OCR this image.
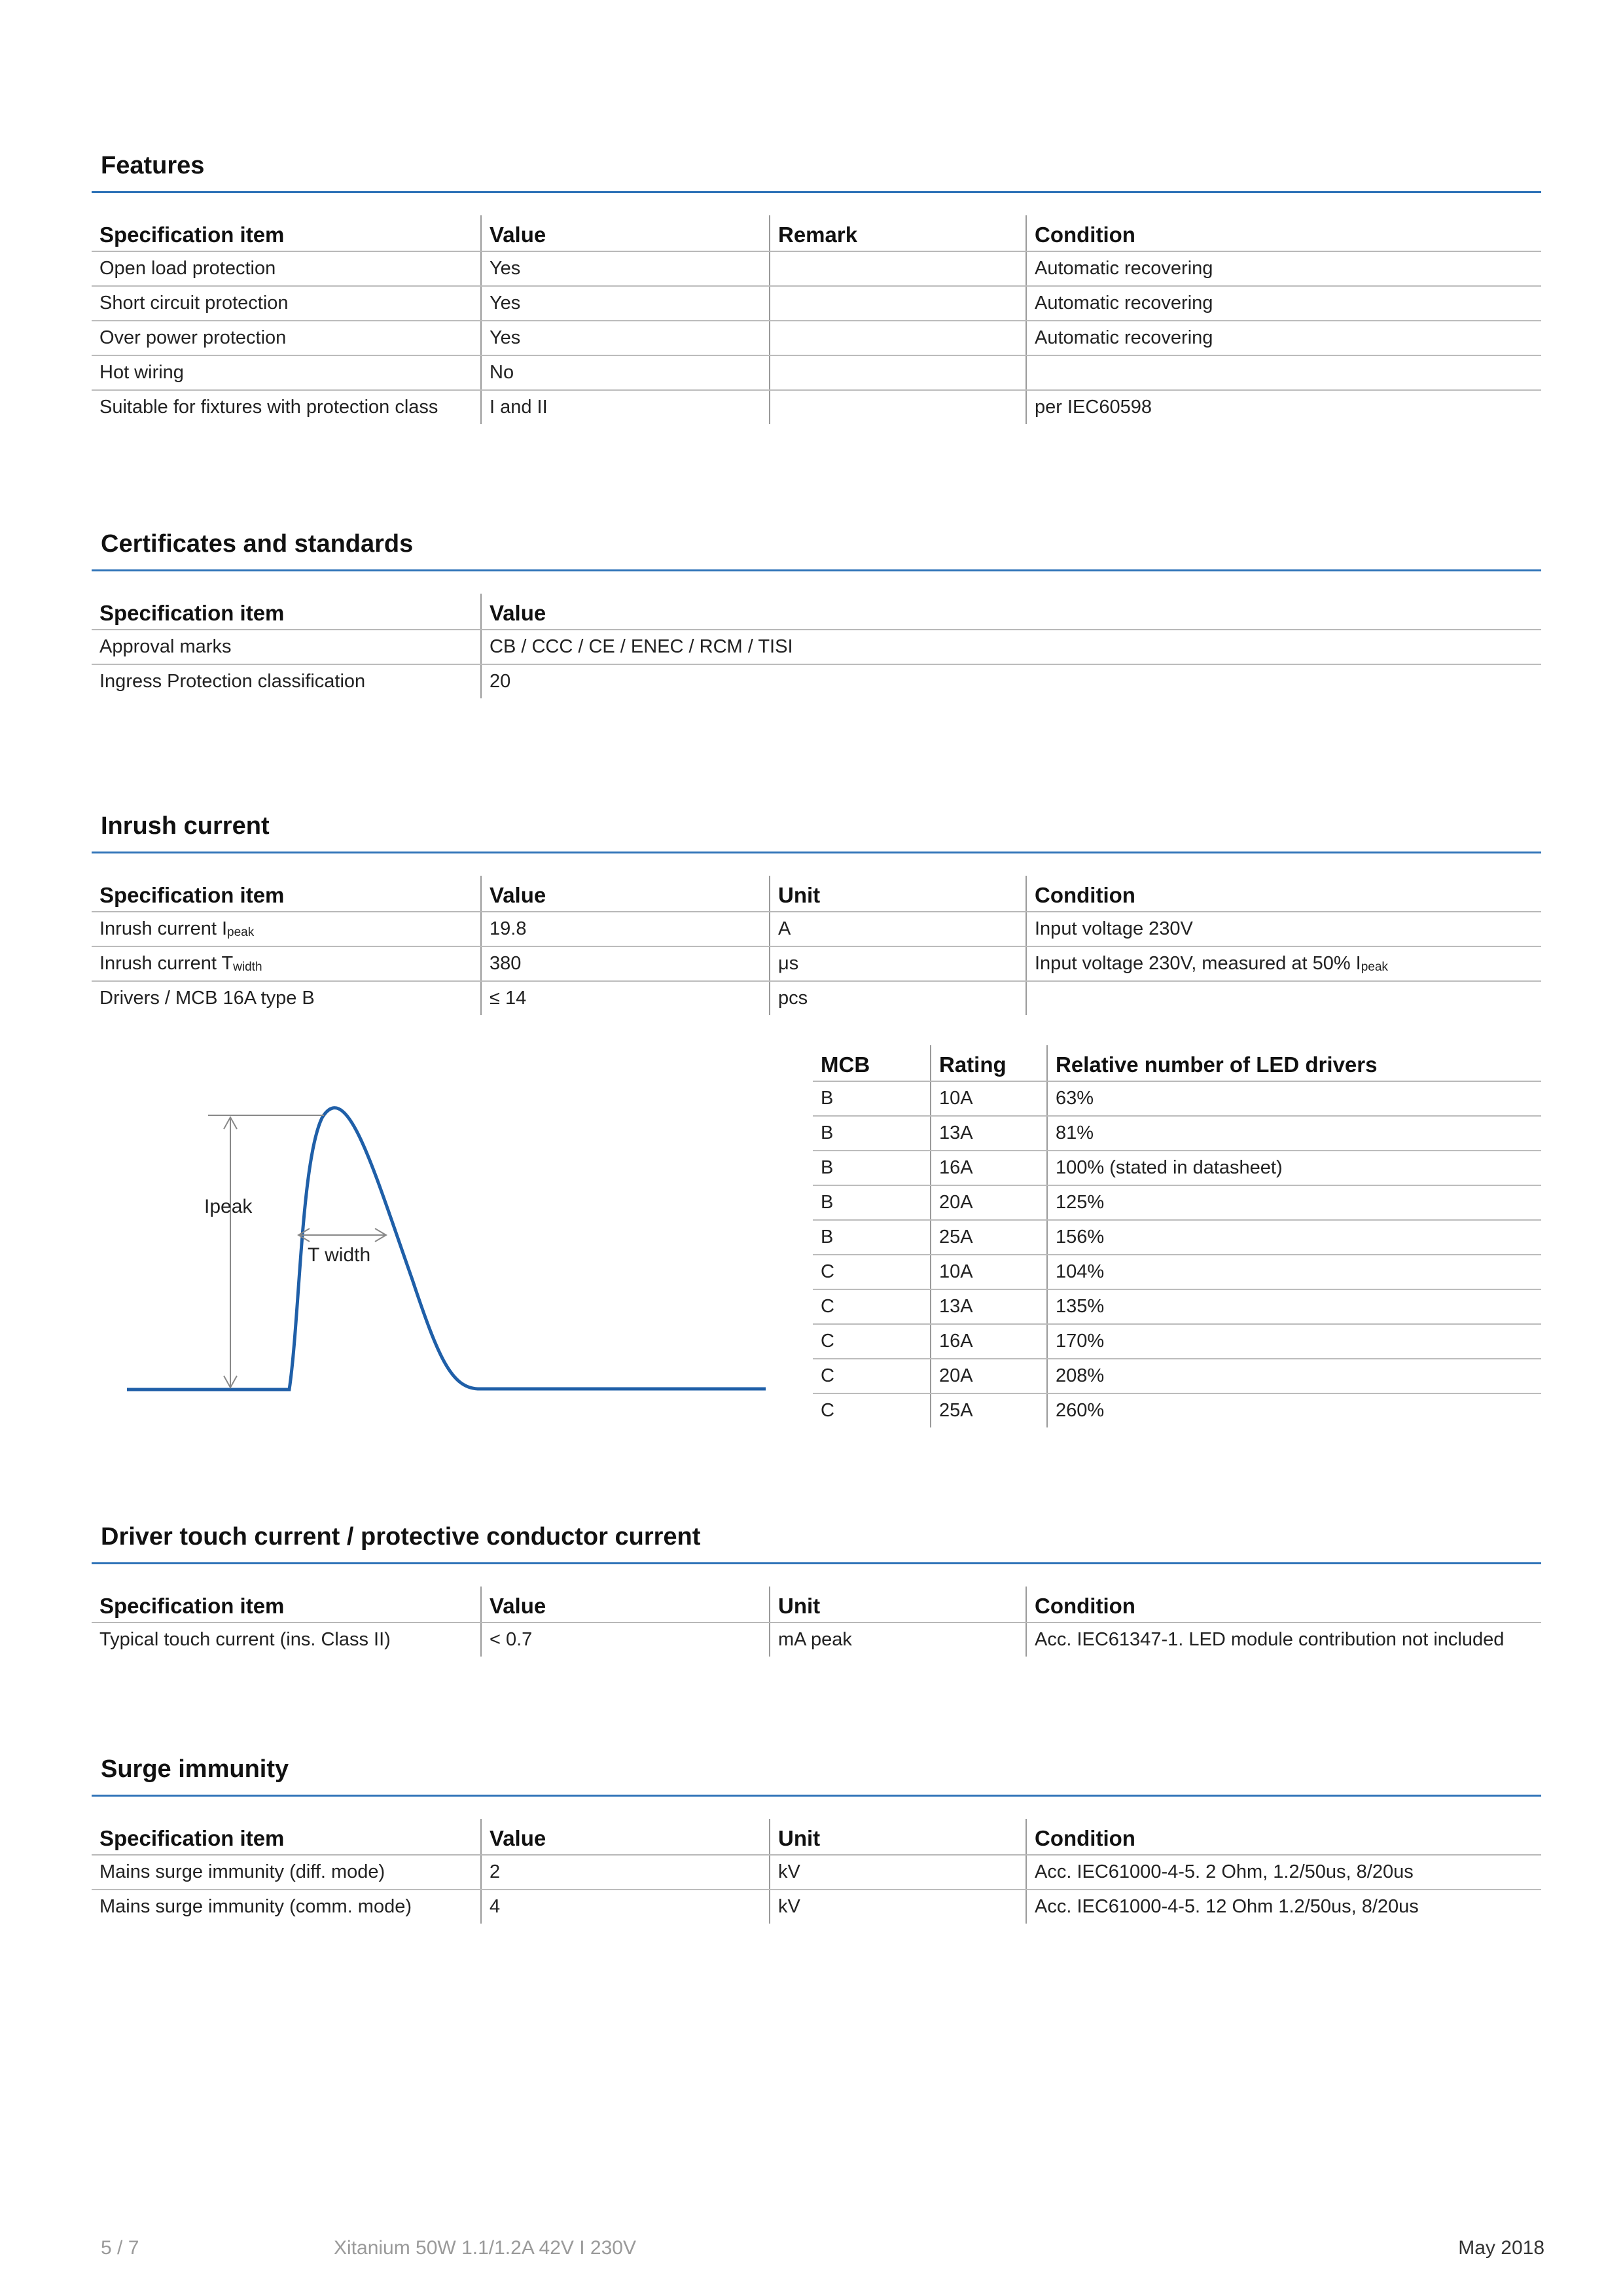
Features
Specification item	Value	Remark	Condition
Open load protection	Yes		Automatic recovering
Short circuit protection	Yes		Automatic recovering
Over power protection	Yes		Automatic recovering
Hot wiring	No		
Suitable for fixtures with protection class	I and II		per IEC60598
Certificates and standards
Specification item	Value
Approval marks	CB / CCC / CE / ENEC / RCM / TISI
Ingress Protection classification	20
Inrush current
Specification item	Value	Unit	Condition
Inrush current $I_{peak}$	19.8	A	Input voltage 230V
Inrush current $T_{width}$	380	μs	Input voltage 230V, measured at 50% $I_{peak}$
Drivers / MCB 16A type B	≤ 14	pcs	
Ipeak
T width
MCB	Rating	Relative number of LED drivers
B	10A	63%
B	13A	81%
B	16A	100% (stated in datasheet)
B	20A	125%
B	25A	156%
C	10A	104%
C	13A	135%
C	16A	170%
C	20A	208%
C	25A	260%
Driver touch current / protective conductor current
Specification item	Value	Unit	Condition
Typical touch current (ins. Class II)	< 0.7	mA peak	Acc. IEC61347-1. LED module contribution not included
Surge immunity
Specification item	Value	Unit	Condition
Mains surge immunity (diff. mode)	2	kV	Acc. IEC61000-4-5. 2 Ohm, 1.2/50us, 8/20us
Mains surge immunity (comm. mode)	4	kV	Acc. IEC61000-4-5. 12 Ohm 1.2/50us, 8/20us
5 / 7	Xitanium 50W 1.1/1.2A 42V I 230V	May 2018
